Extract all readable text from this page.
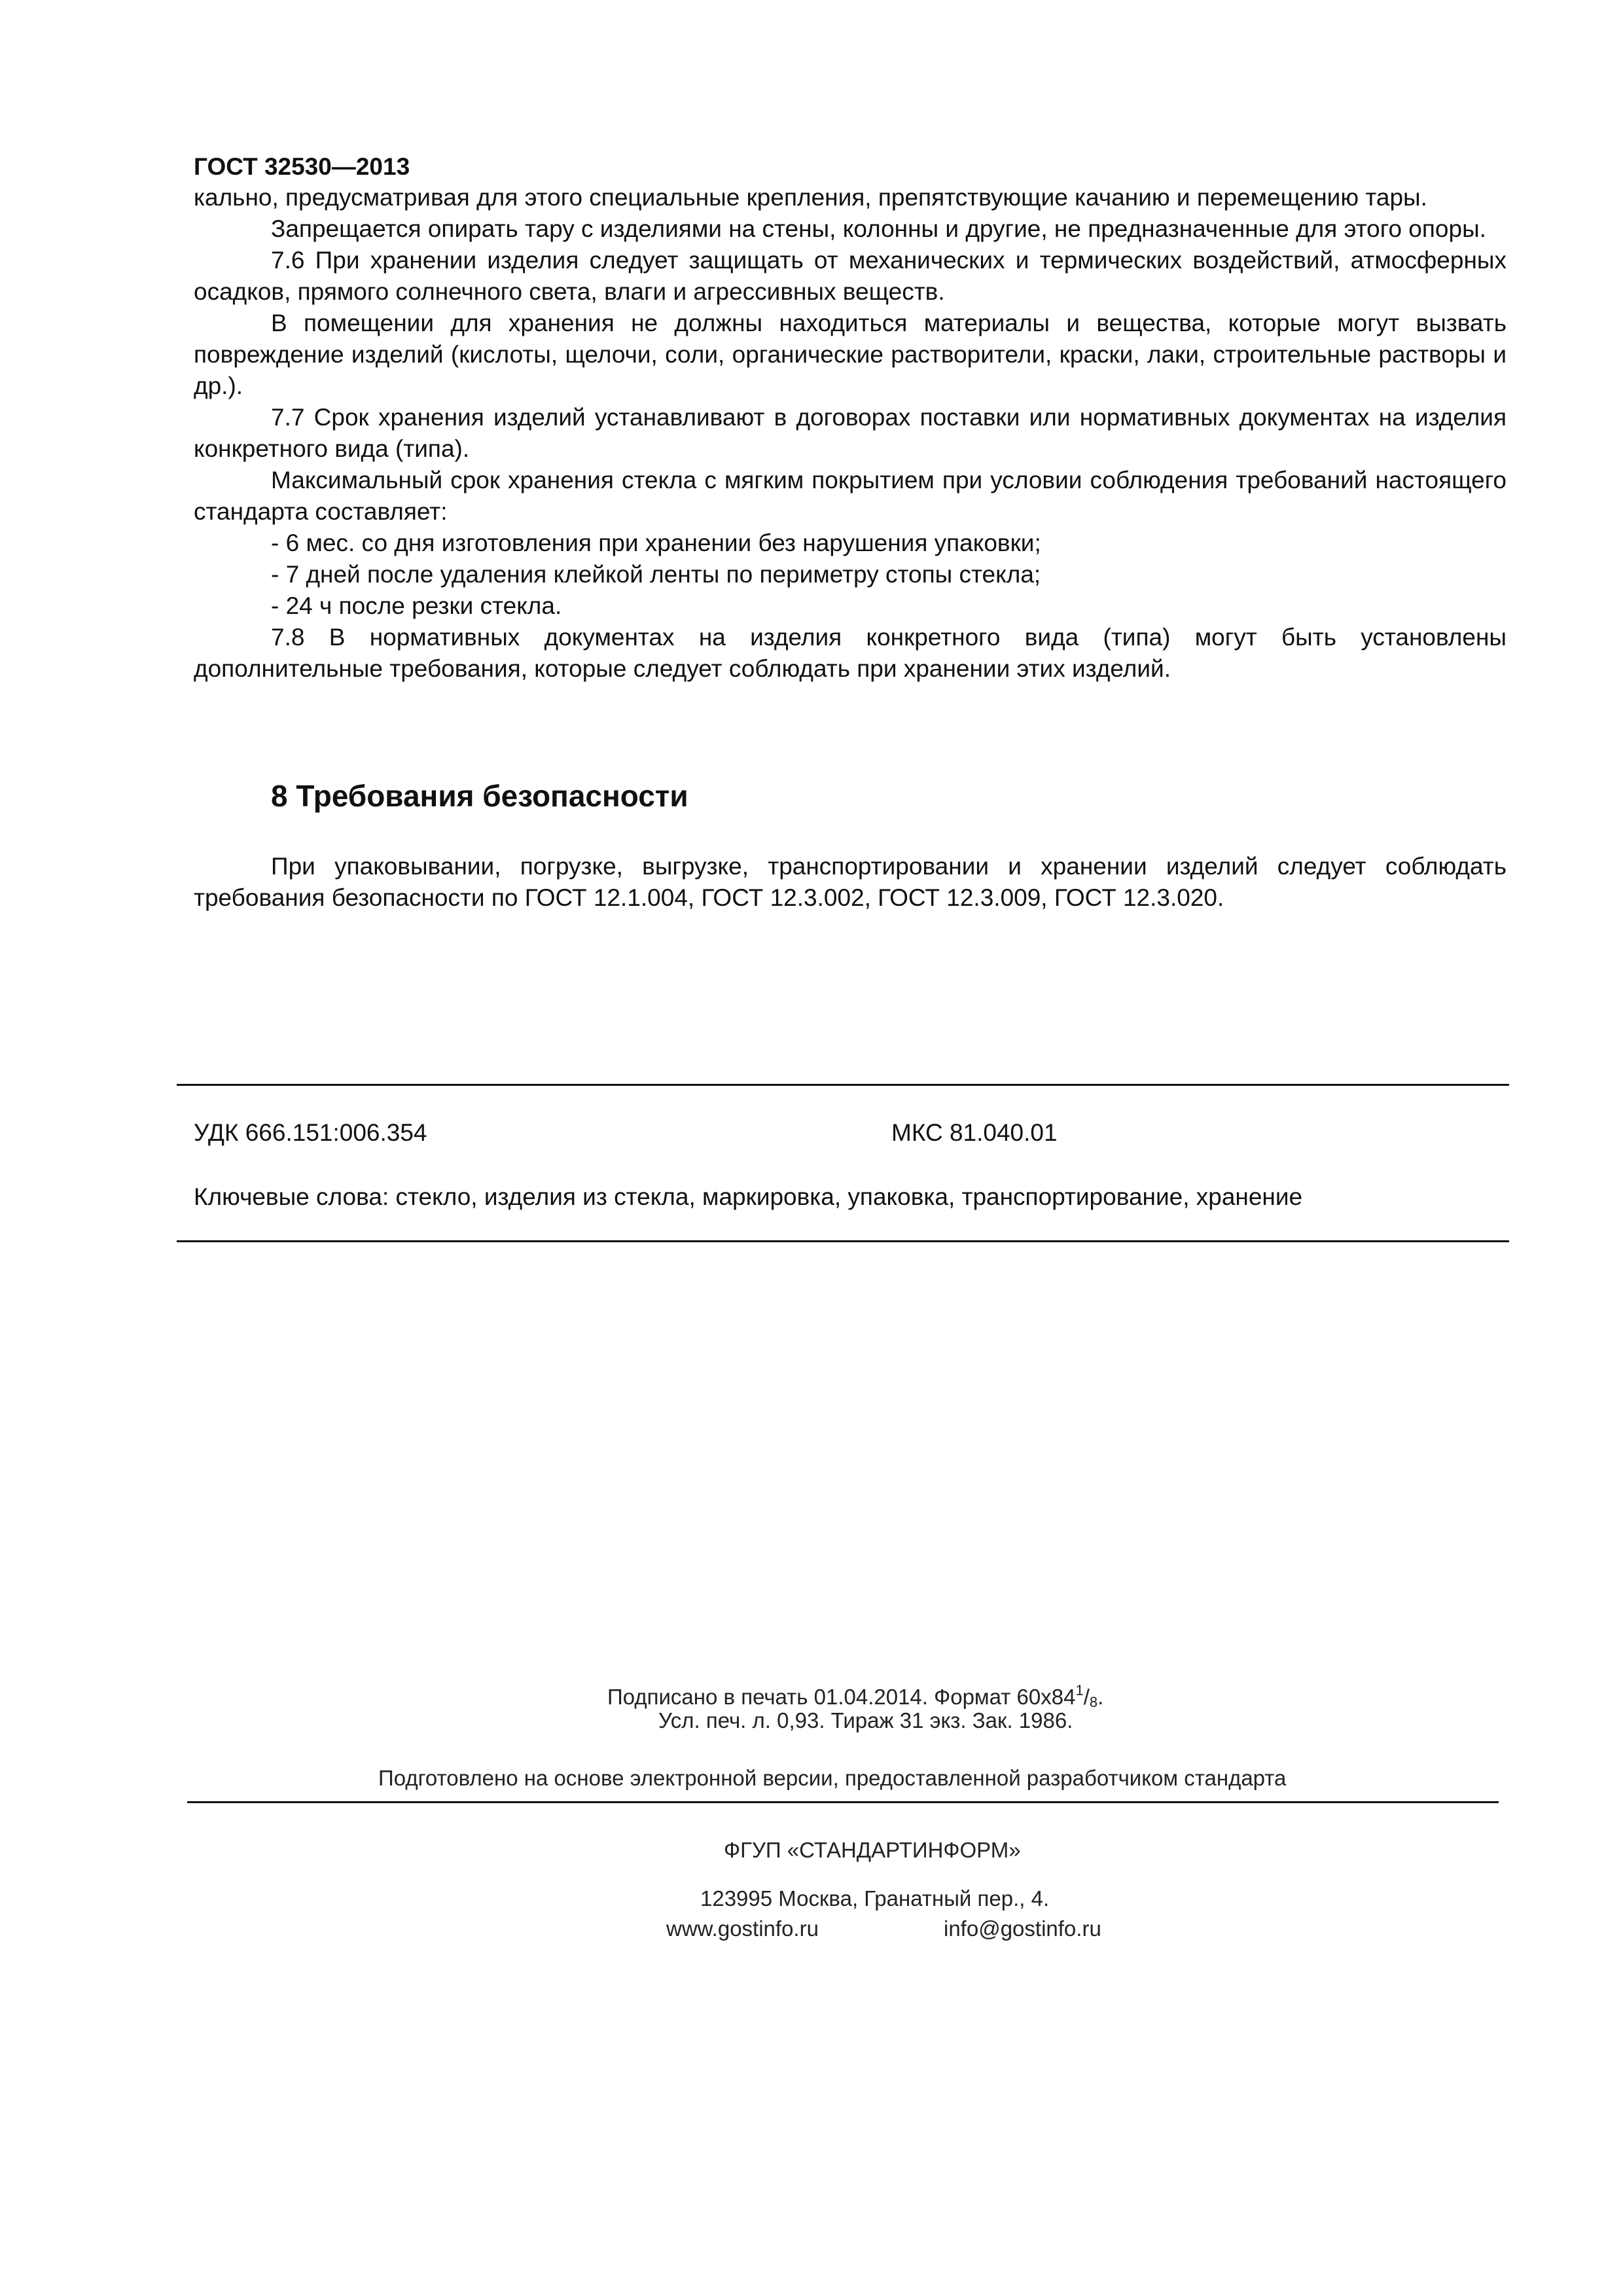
ГОСТ 32530—2013

кально, предусматривая для этого специальные крепления, препятствующие качанию и перемещению тары.

Запрещается опирать тару с изделиями на стены, колонны и другие, не предназначенные для этого опоры.

7.6 При хранении изделия следует защищать от механических и термических воздействий, атмосферных осадков, прямого солнечного света, влаги и агрессивных веществ.

В помещении для хранения не должны находиться материалы и вещества, которые могут вызвать повреждение изделий (кислоты, щелочи, соли, органические растворители, краски, лаки, строительные растворы и др.).

7.7 Срок хранения изделий устанавливают в договорах поставки или нормативных документах на изделия конкретного вида (типа).

Максимальный срок хранения стекла с мягким покрытием при условии соблюдения требований настоящего стандарта составляет:

- 6 мес. со дня изготовления при хранении без нарушения упаковки;

- 7 дней после удаления клейкой ленты по периметру стопы стекла;

- 24 ч после резки стекла.

7.8 В нормативных документах на изделия конкретного вида (типа) могут быть установлены дополнительные требования, которые следует соблюдать при хранении этих изделий.

8 Требования безопасности

При упаковывании, погрузке, выгрузке, транспортировании и хранении изделий следует соблюдать требования безопасности по ГОСТ 12.1.004, ГОСТ 12.3.002, ГОСТ 12.3.009, ГОСТ 12.3.020.

УДК 666.151:006.354	МКС 81.040.01
Ключевые слова: стекло, изделия из стекла, маркировка, упаковка, транспортирование, хранение
Подписано в печать 01.04.2014. Формат $60x84^1/8$.
Усл. печ. л. 0,93. Тираж 31 экз. Зак. 1986.
Подготовлено на основе электронной версии, предоставленной разработчиком стандарта
ФГУП «СТАНДАРТИНФОРМ»
123995 Москва, Гранатный пер., 4.
www.gostinfo.ru	info@gostinfo.ru
